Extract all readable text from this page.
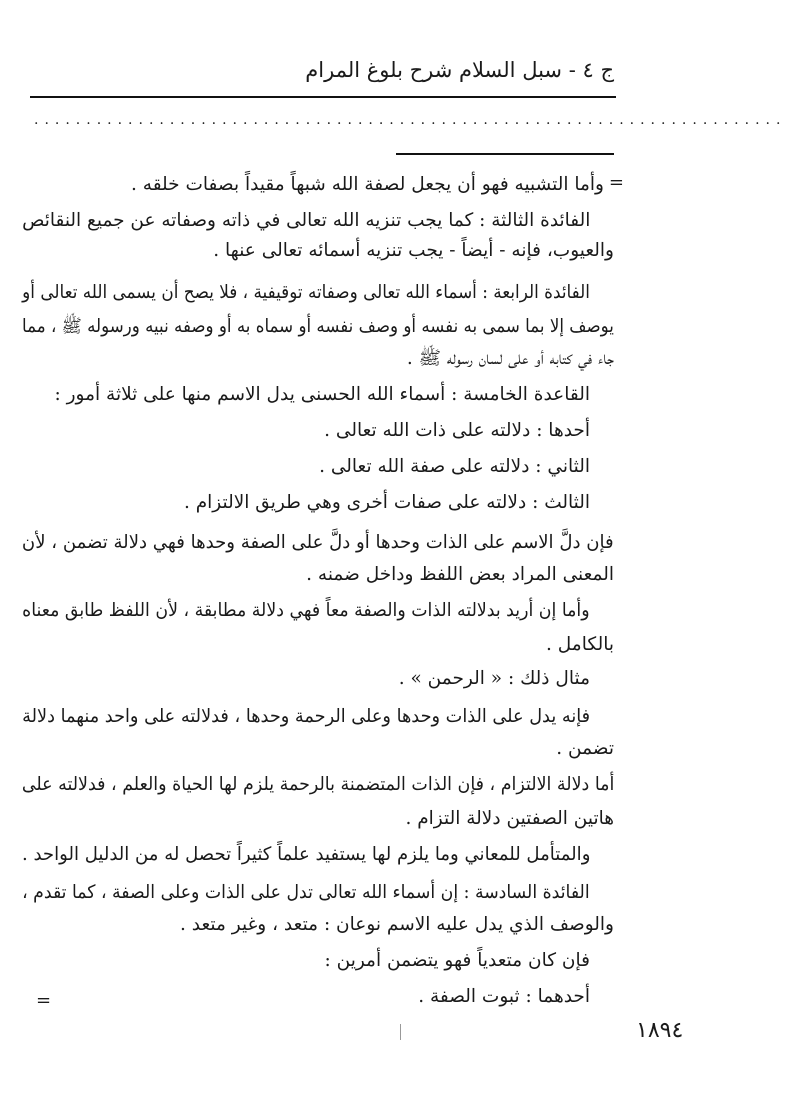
ج ٤ - سبل السلام شرح بلوغ المرام
........................................................................
=
وأما التشبيه فهو أن يجعل لصفة الله شبهاً مقيداً بصفات خلقه .
الفائدة الثالثة : كما يجب تنزيه الله تعالى في ذاته وصفاته عن جميع النقائص
والعيوب، فإنه - أيضاً - يجب تنزيه أسمائه تعالى عنها .
الفائدة الرابعة : أسماء الله تعالى وصفاته توقيفية ، فلا يصح أن يسمى الله تعالى أو
يوصف إلا بما سمى به نفسه أو وصف نفسه أو سماه به أو وصفه نبيه ورسوله ﷺ ، مما
جاء في كتابه أو على لسان رسوله ﷺ .
القاعدة الخامسة : أسماء الله الحسنى يدل الاسم منها على ثلاثة أمور :
أحدها : دلالته على ذات الله تعالى .
الثاني : دلالته على صفة الله تعالى .
الثالث : دلالته على صفات أخرى وهي طريق الالتزام .
فإن دلَّ الاسم على الذات وحدها أو دلَّ على الصفة وحدها فهي دلالة تضمن ، لأن
المعنى المراد بعض اللفظ وداخل ضمنه .
وأما إن أريد بدلالته الذات والصفة معاً فهي دلالة مطابقة ، لأن اللفظ طابق معناه
بالكامل .
مثال ذلك : « الرحمن » .
فإنه يدل على الذات وحدها وعلى الرحمة وحدها ، فدلالته على واحد منهما دلالة
تضمن .
أما دلالة الالتزام ، فإن الذات المتضمنة بالرحمة يلزم لها الحياة والعلم ، فدلالته على
هاتين الصفتين دلالة التزام .
والمتأمل للمعاني وما يلزم لها يستفيد علماً كثيراً تحصل له من الدليل الواحد .
الفائدة السادسة : إن أسماء الله تعالى تدل على الذات وعلى الصفة ، كما تقدم ،
والوصف الذي يدل عليه الاسم نوعان : متعد ، وغير متعد .
فإن كان متعدياً فهو يتضمن أمرين :
أحدهما : ثبوت الصفة .
=
١٨٩٤
